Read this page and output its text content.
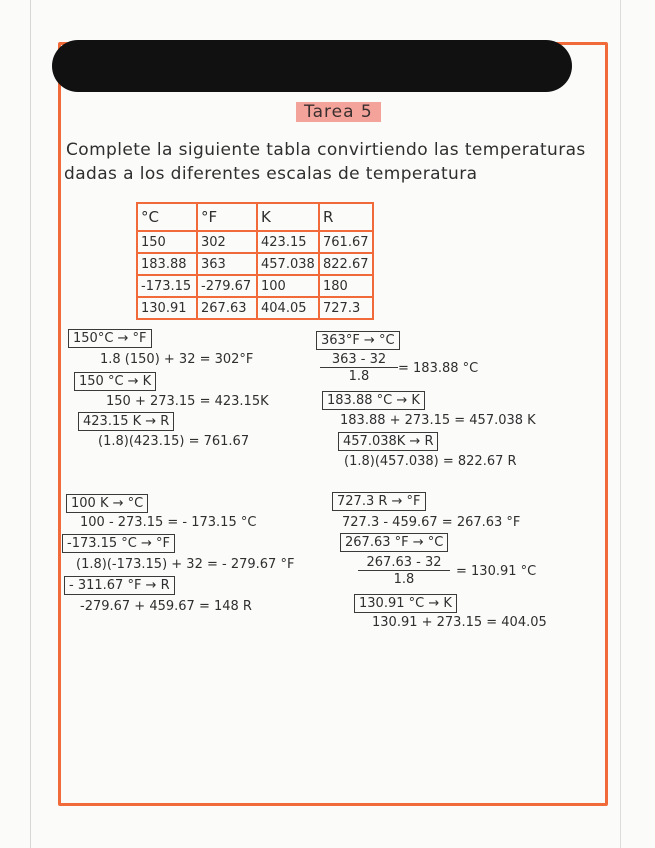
Tarea 5
Complete la siguiente tabla convirtiendo las temperaturas
dadas a los diferentes escalas de temperatura
°C	°F	K	R
150	302	423.15	761.67
183.88	363	457.038	822.67
-173.15	-279.67	100	180
130.91	267.63	404.05	727.3
150°C → °F
1.8 (150) + 32 = 302°F
150 °C → K
150 + 273.15 = 423.15K
423.15 K → R
(1.8)(423.15) = 761.67
363°F → °C
$\frac{363 - 32}{1.8} = 183.88$ °C
183.88 °C → K
183.88 + 273.15 = 457.038 K
457.038K → R
(1.8)(457.038) = 822.67 R
100 K → °C
100 - 273.15 = - 173.15 °C
-173.15 °C → °F
(1.8)(-173.15) + 32 = - 279.67 °F
- 311.67 °F → R
-279.67 + 459.67 = 148 R
727.3 R → °F
727.3 - 459.67 = 267.63 °F
267.63 °F → °C
$\frac{267.63 - 32}{1.8} = 130.91$ °C
130.91 °C → K
130.91 + 273.15 = 404.05
